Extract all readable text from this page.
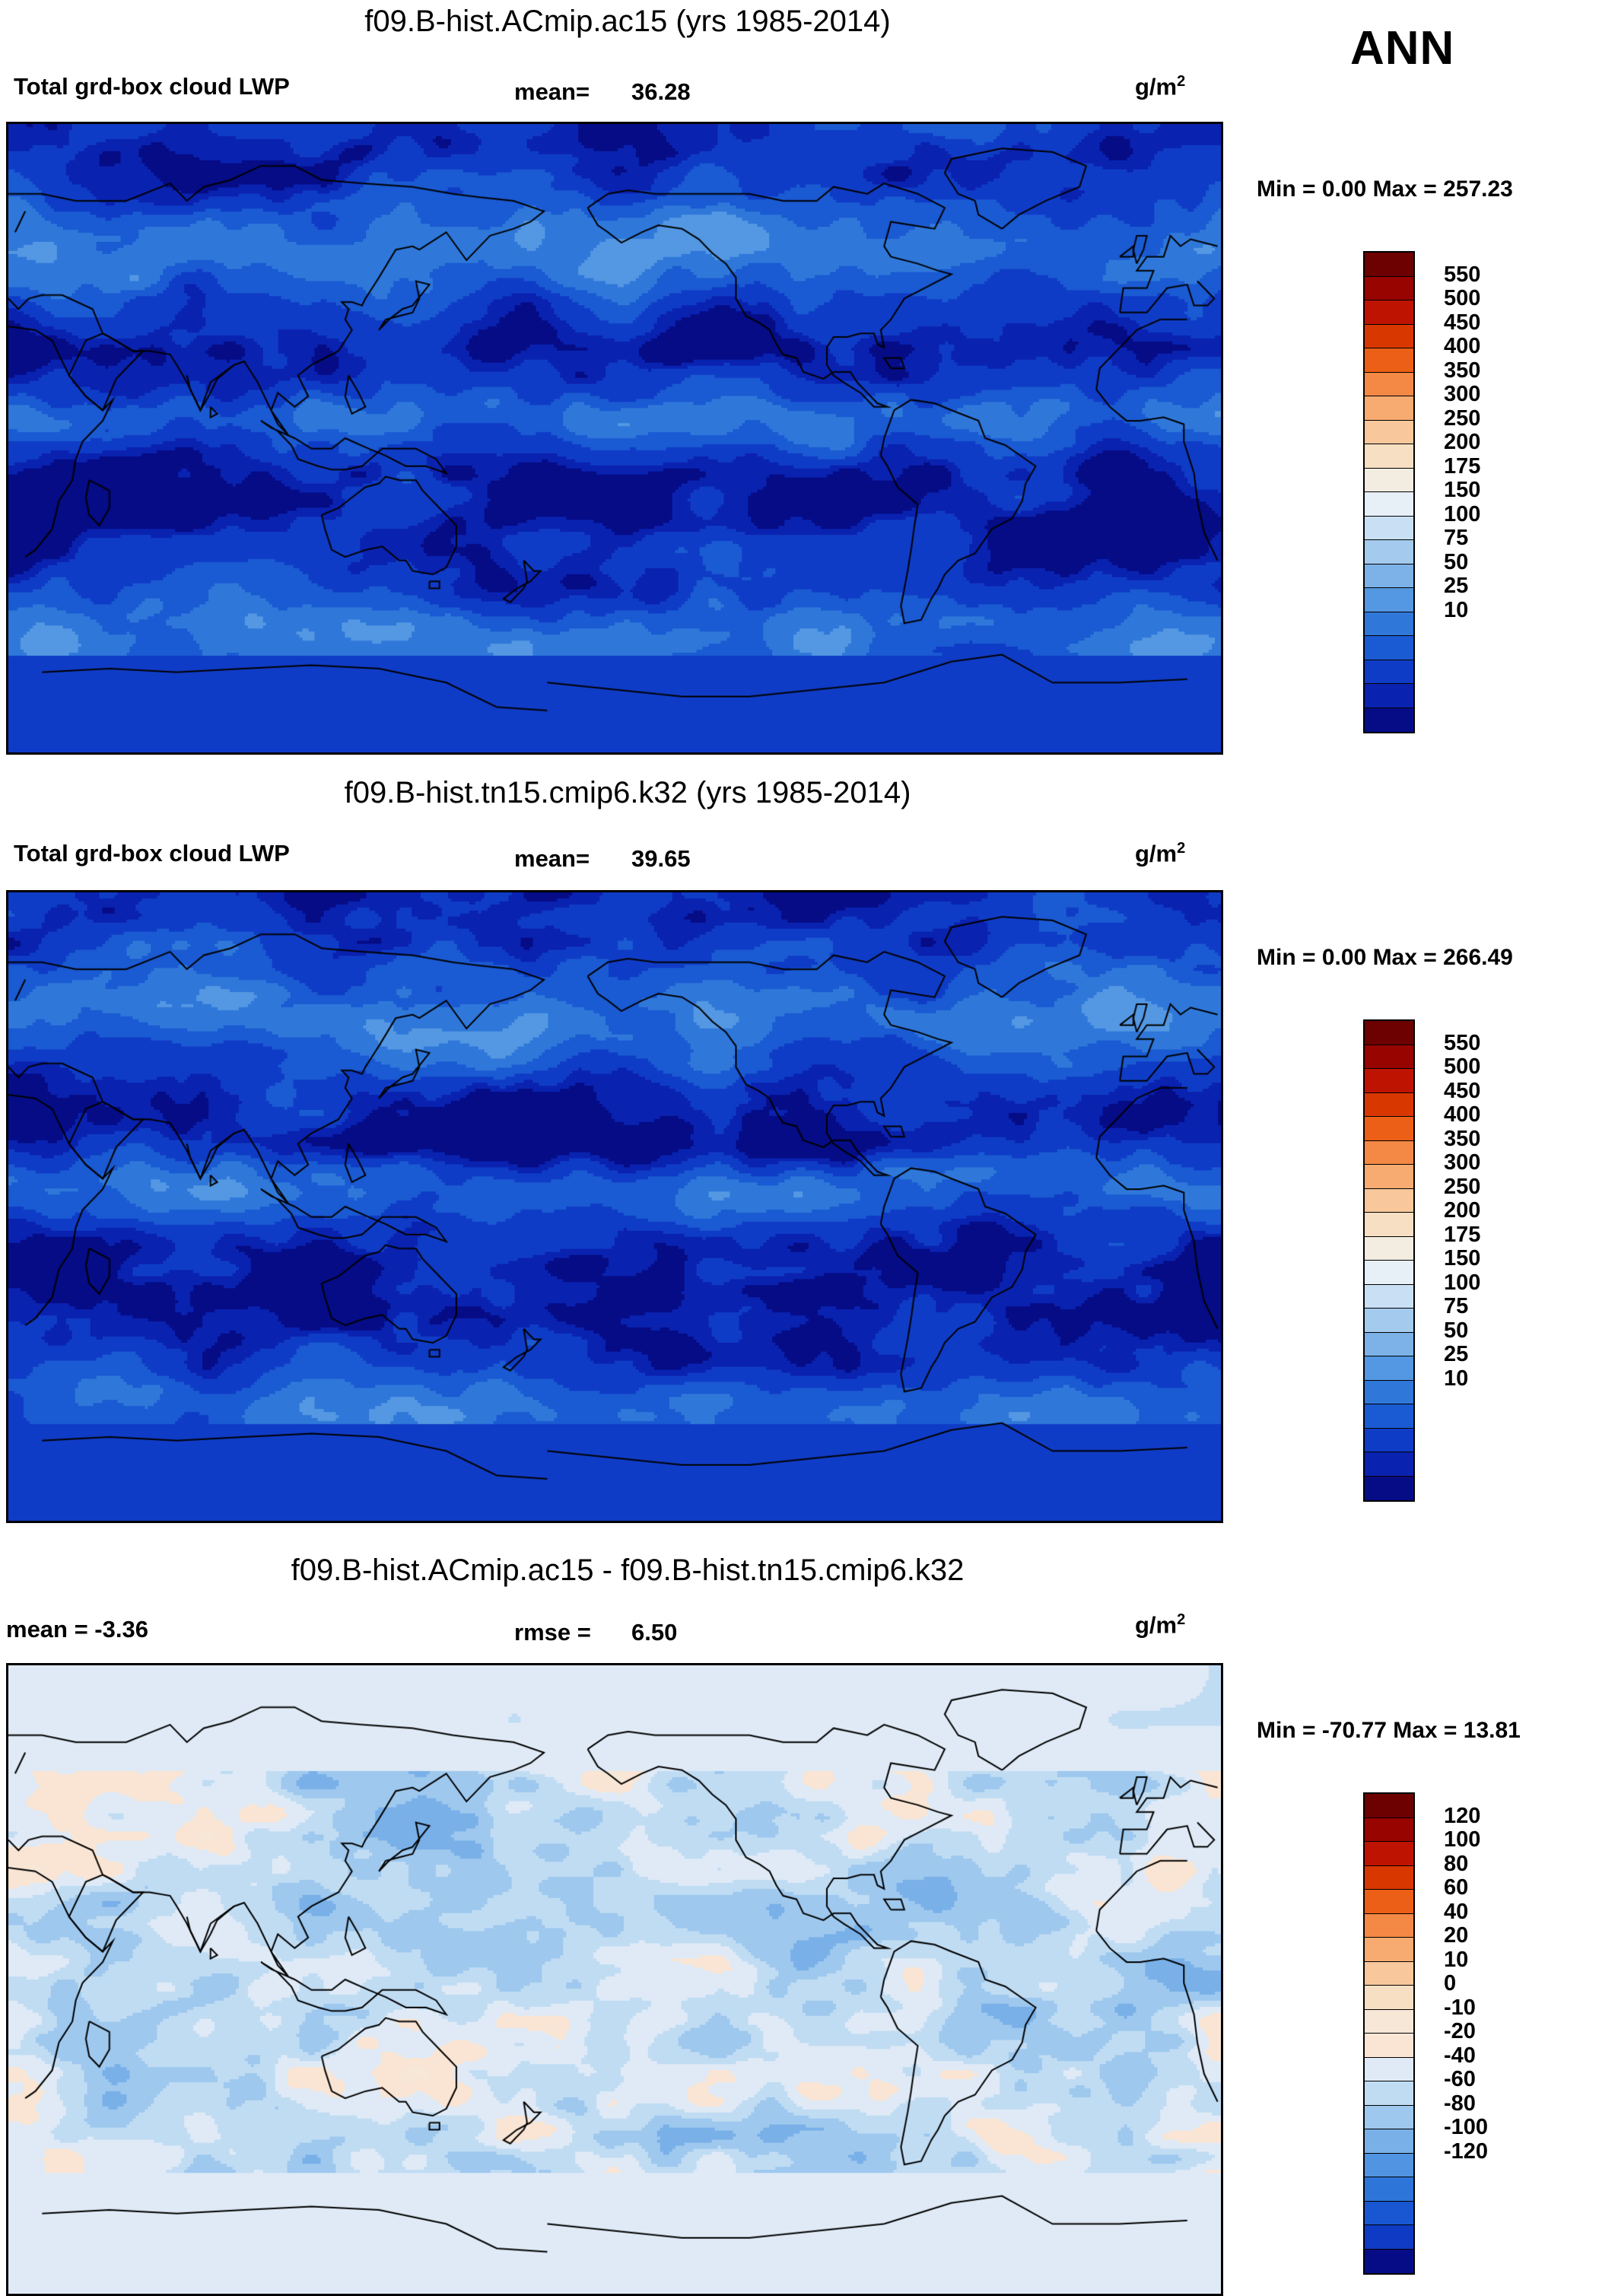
ANN
f09.B-hist.ACmip.ac15 (yrs 1985-2014)
Total grd-box cloud LWP	mean= 36.28	$g/m^2$
Min = 0.00 Max = 257.23
550
500
450
400
350
300
250
200
175
150
100
75
50
25
10
f09.B-hist.tn15.cmip6.k32 (yrs 1985-2014)
Total grd-box cloud LWP	mean= 39.65	$g/m^2$
Min = 0.00 Max = 266.49
550
500
450
400
350
300
250
200
175
150
100
75
50
25
10
f09.B-hist.ACmip.ac15 - f09.B-hist.tn15.cmip6.k32
mean = -3.36	rmse = 6.50	$g/m^2$
Min = -70.77 Max = 13.81
120
100
80
60
40
20
10
0
-10
-20
-40
-60
-80
-100
-120
